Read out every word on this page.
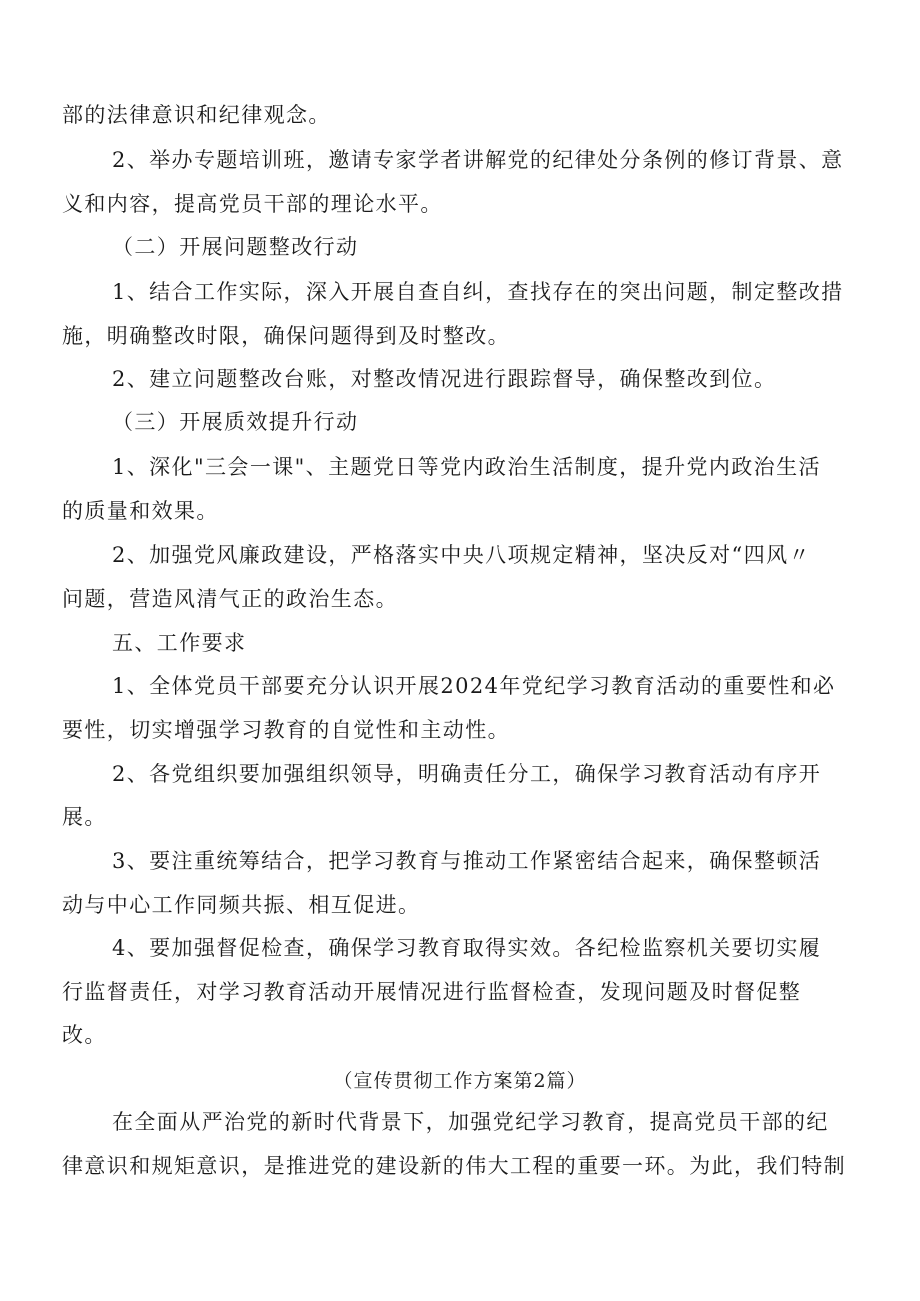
部的法律意识和纪律观念。

2、举办专题培训班，邀请专家学者讲解党的纪律处分条例的修订背景、意

义和内容，提高党员干部的理论水平。

（二）开展问题整改行动

1、结合工作实际，深入开展自查自纠，查找存在的突出问题，制定整改措

施，明确整改时限，确保问题得到及时整改。

2、建立问题整改台账，对整改情况进行跟踪督导，确保整改到位。

（三）开展质效提升行动

1、深化"三会一课"、主题党日等党内政治生活制度，提升党内政治生活

的质量和效果。

2、加强党风廉政建设，严格落实中央八项规定精神，坚决反对“四风〃

问题，营造风清气正的政治生态。

五、工作要求

1、全体党员干部要充分认识开展2024年党纪学习教育活动的重要性和必

要性，切实增强学习教育的自觉性和主动性。

2、各党组织要加强组织领导，明确责任分工，确保学习教育活动有序开

展。

3、要注重统筹结合，把学习教育与推动工作紧密结合起来，确保整顿活

动与中心工作同频共振、相互促进。

4、要加强督促检查，确保学习教育取得实效。各纪检监察机关要切实履

行监督责任，对学习教育活动开展情况进行监督检查，发现问题及时督促整

改。

（宣传贯彻工作方案第2篇）

在全面从严治党的新时代背景下，加强党纪学习教育，提高党员干部的纪

律意识和规矩意识，是推进党的建设新的伟大工程的重要一环。为此，我们特制
